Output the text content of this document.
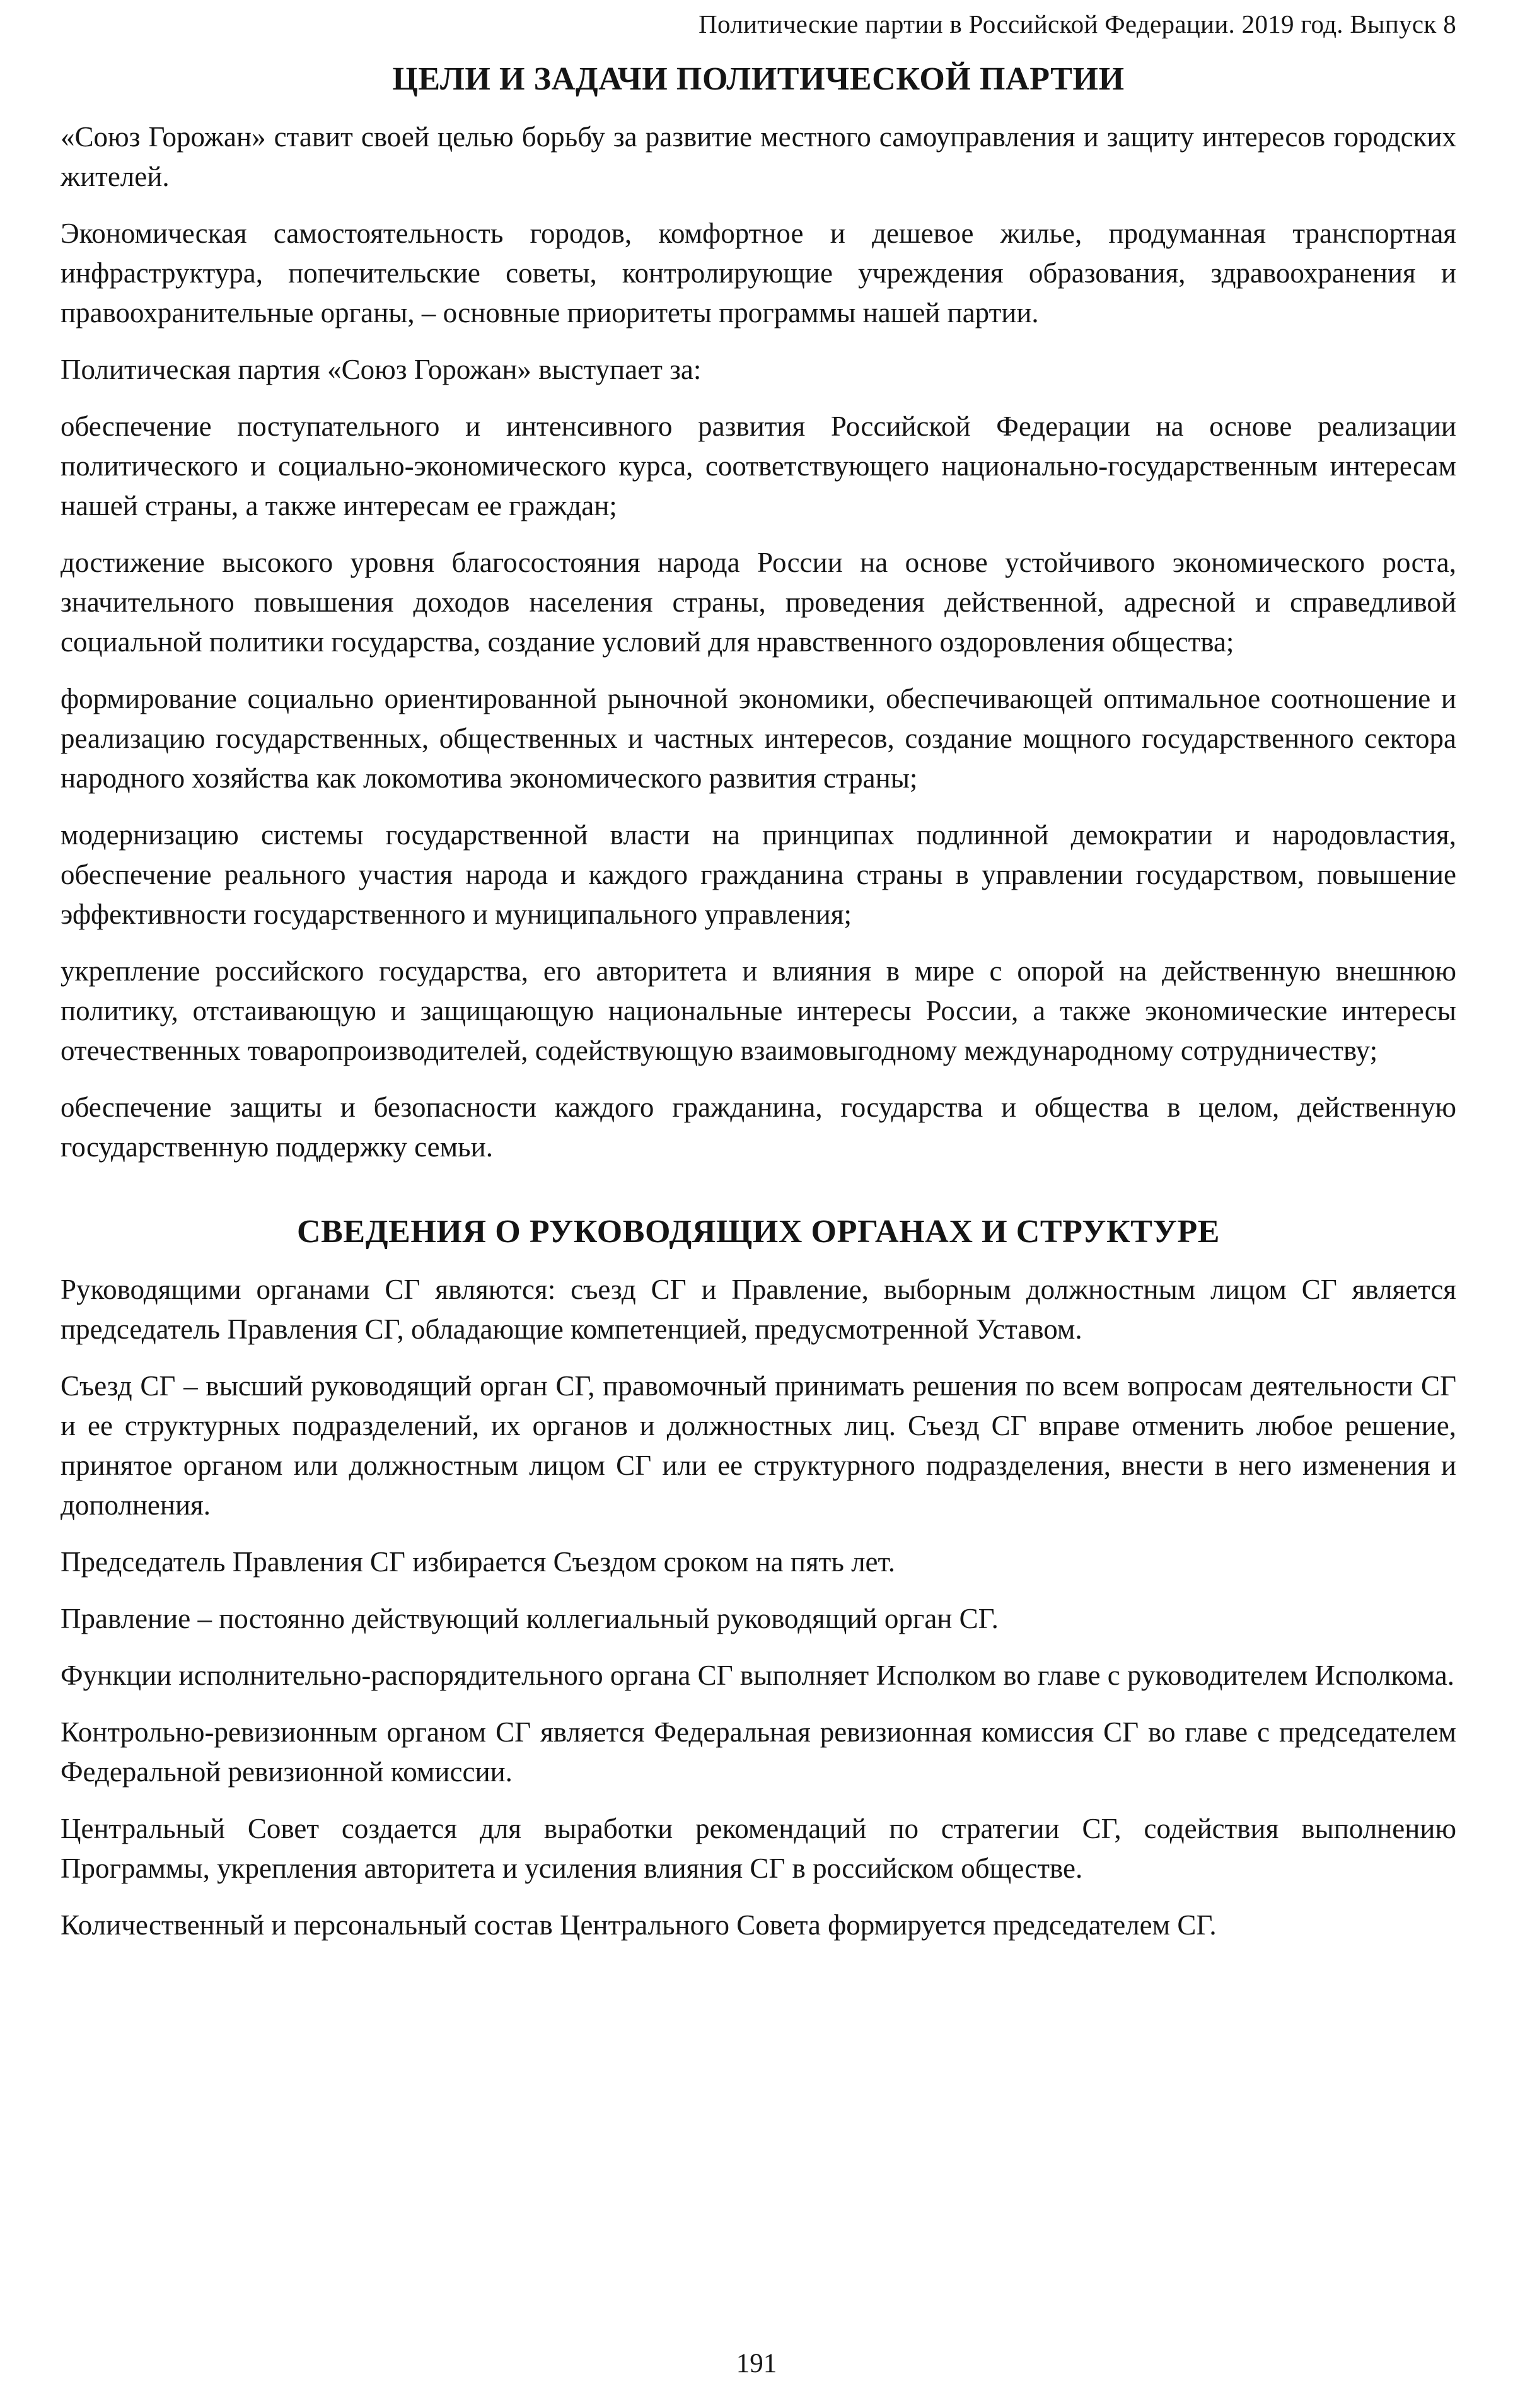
Политические партии в Российской Федерации. 2019 год. Выпуск 8
ЦЕЛИ И ЗАДАЧИ ПОЛИТИЧЕСКОЙ ПАРТИИ

«Союз Горожан» ставит своей целью борьбу за развитие местного самоуправления и защиту интересов городских жителей.

Экономическая самостоятельность городов, комфортное и дешевое жилье, продуманная транспортная инфраструктура, попечительские советы, контролирующие учреждения образования, здравоохранения и правоохранительные органы, – основные приоритеты программы нашей партии.

Политическая партия «Союз Горожан» выступает за:

обеспечение поступательного и интенсивного развития Российской Федерации на основе реализации политического и социально-экономического курса, соответствующего национально-государственным интересам нашей страны, а также интересам ее граждан;

достижение высокого уровня благосостояния народа России на основе устойчивого экономического роста, значительного повышения доходов населения страны, проведения действенной, адресной и справедливой социальной политики государства, создание условий для нравственного оздоровления общества;

формирование социально ориентированной рыночной экономики, обеспечивающей оптимальное соотношение и реализацию государственных, общественных и частных интересов, создание мощного государственного сектора народного хозяйства как локомотива экономического развития страны;

модернизацию системы государственной власти на принципах подлинной демократии и народовластия, обеспечение реального участия народа и каждого гражданина страны в управлении государством, повышение эффективности государственного и муниципального управления;

укрепление российского государства, его авторитета и влияния в мире с опорой на действенную внешнюю политику, отстаивающую и защищающую национальные интересы России, а также экономические интересы отечественных товаропроизводителей, содействующую взаимовыгодному международному сотрудничеству;

обеспечение защиты и безопасности каждого гражданина, государства и общества в целом, действенную государственную поддержку семьи.

СВЕДЕНИЯ О РУКОВОДЯЩИХ ОРГАНАХ И СТРУКТУРЕ

Руководящими органами СГ являются: съезд СГ и Правление, выборным должностным лицом СГ является председатель Правления СГ, обладающие компетенцией, предусмотренной Уставом.

Съезд СГ – высший руководящий орган СГ, правомочный принимать решения по всем вопросам деятельности СГ и ее структурных подразделений, их органов и должностных лиц. Съезд СГ вправе отменить любое решение, принятое органом или должностным лицом СГ или ее структурного подразделения, внести в него изменения и дополнения.

Председатель Правления СГ избирается Съездом сроком на пять лет.

Правление – постоянно действующий коллегиальный руководящий орган СГ.

Функции исполнительно-распорядительного органа СГ выполняет Исполком во главе с руководителем Исполкома.

Контрольно-ревизионным органом СГ является Федеральная ревизионная комиссия СГ во главе с председателем Федеральной ревизионной комиссии.

Центральный Совет создается для выработки рекомендаций по стратегии СГ, содействия выполнению Программы, укрепления авторитета и усиления влияния СГ в российском обществе.

Количественный и персональный состав Центрального Совета формируется председателем СГ.

191
